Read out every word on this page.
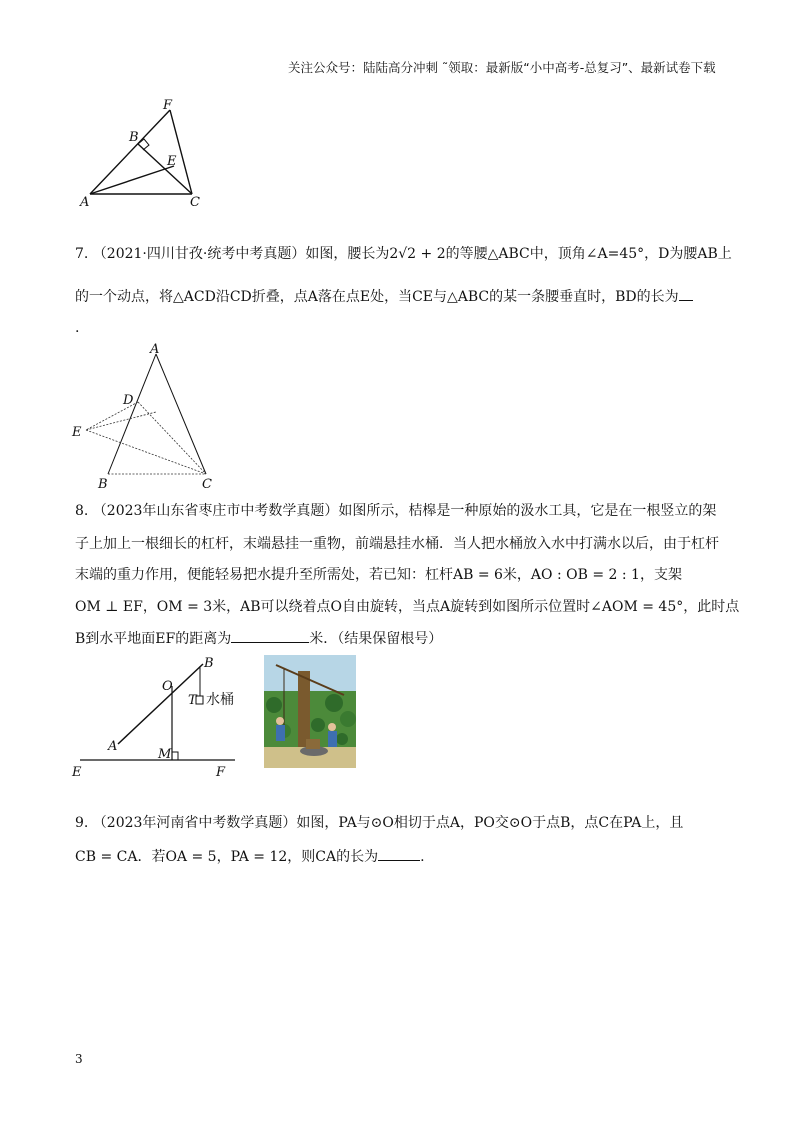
关注公众号：陆陆高分冲刺 ˜领取：最新版“小中高考-总复习”、最新试卷下载
F
B
E
A	C
7. （2021·四川甘孜·统考中考真题）如图，腰长为2√2 + 2的等腰△ABC中，顶角∠A=45°，D为腰AB上
的一个动点，将△ACD沿CD折叠，点A落在点E处，当CE与△ABC的某一条腰垂直时，BD的长为
.
A
D
E
B	C
8. （2023年山东省枣庄市中考数学真题）如图所示，桔槔是一种原始的汲水工具，它是在一根竖立的架
子上加上一根细长的杠杆，末端悬挂一重物，前端悬挂水桶．当人把水桶放入水中打满水以后，由于杠杆
末端的重力作用，便能轻易把水提升至所需处，若已知：杠杆AB = 6米，AO : OB = 2 : 1，支架
OM ⊥ EF，OM = 3米，AB可以绕着点O自由旋转，当点A旋转到如图所示位置时∠AOM = 45°，此时点
B到水平地面EF的距离为	米．（结果保留根号）
B
O
T 水桶
A
M
E	F
9. （2023年河南省中考数学真题）如图，PA与⊙O相切于点A，PO交⊙O于点B，点C在PA上，且
CB = CA．若OA = 5，PA = 12，则CA的长为	.
3
